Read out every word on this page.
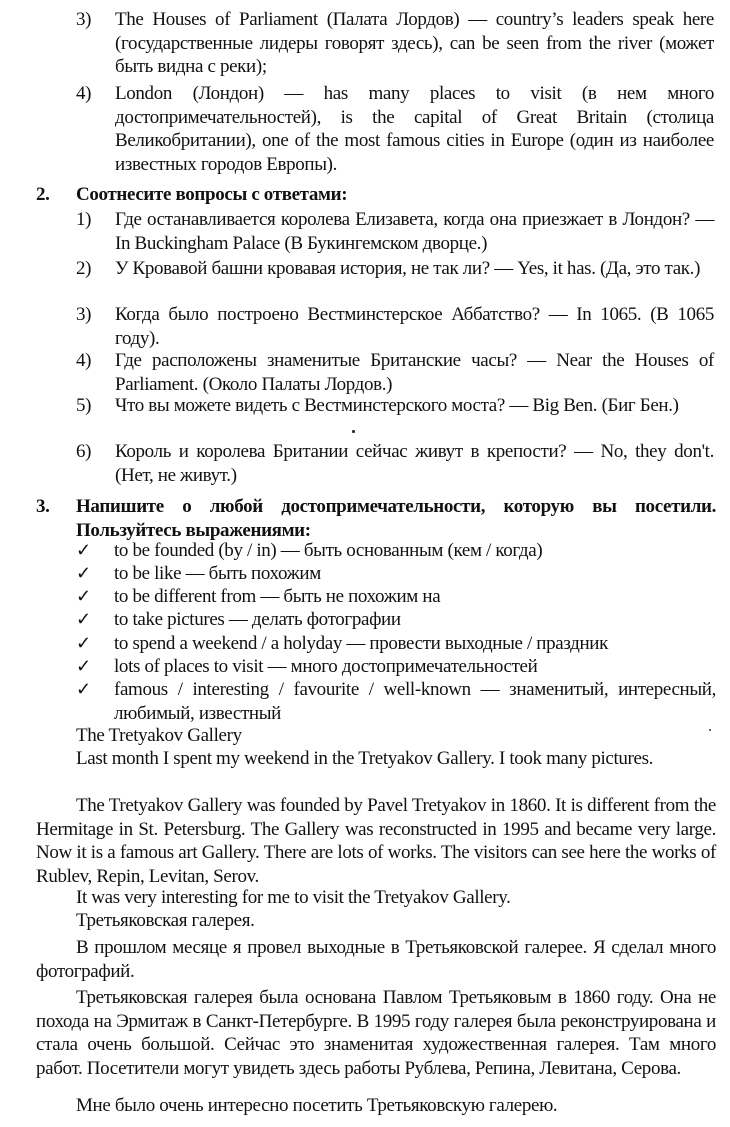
3) The Houses of Parliament (Палата Лордов) — country’s leaders speak here (государственные лидеры говорят здесь), can be seen from the river (может быть видна с реки);
4) London (Лондон) — has many places to visit (в нем много достопримечательностей), is the capital of Great Britain (столица Великобритании), one of the most famous cities in Europe (один из наиболее известных городов Европы).
2. Соотнесите вопросы с ответами:
1) Где останавливается королева Елизавета, когда она приезжает в Лондон? — In Buckingham Palace (В Букингемском дворце.)
2) У Кровавой башни кровавая история, не так ли? — Yes, it has. (Да, это так.)
3) Когда было построено Вестминстерское Аббатство? — In 1065. (В 1065 году).
4) Где расположены знаменитые Британские часы? — Near the Houses of Parliament. (Около Палаты Лордов.)
5) Что вы можете видеть с Вестминстерского моста? — Big Ben. (Биг Бен.)
6) Король и королева Британии сейчас живут в крепости? — No, they don't. (Нет, не живут.)
3. Напишите о любой достопримечательности, которую вы посетили. Пользуйтесь выражениями:
✓ to be founded (by / in) — быть основанным (кем / когда)
✓ to be like — быть похожим
✓ to be different from — быть не похожим на
✓ to take pictures — делать фотографии
✓ to spend a weekend / a holyday — провести выходные / праздник
✓ lots of places to visit — много достопримечательностей
✓ famous / interesting / favourite / well-known — знаменитый, интересный, любимый, известный
The Tretyakov Gallery
Last month I spent my weekend in the Tretyakov Gallery. I took many pictures.
The Tretyakov Gallery was founded by Pavel Tretyakov in 1860. It is different from the Hermitage in St. Petersburg. The Gallery was reconstructed in 1995 and became very large. Now it is a famous art Gallery. There are lots of works. The visitors can see here the works of Rublev, Repin, Levitan, Serov.
It was very interesting for me to visit the Tretyakov Gallery.
Третьяковская галерея.
В прошлом месяце я провел выходные в Третьяковской галерее. Я сделал много фотографий.
Третьяковская галерея была основана Павлом Третьяковым в 1860 году. Она не похода на Эрмитаж в Санкт-Петербурге. В 1995 году галерея была реконструирована и стала очень большой. Сейчас это знаменитая художественная галерея. Там много работ. Посетители могут увидеть здесь работы Рублева, Репина, Левитана, Серова.
Мне было очень интересно посетить Третьяковскую галерею.
